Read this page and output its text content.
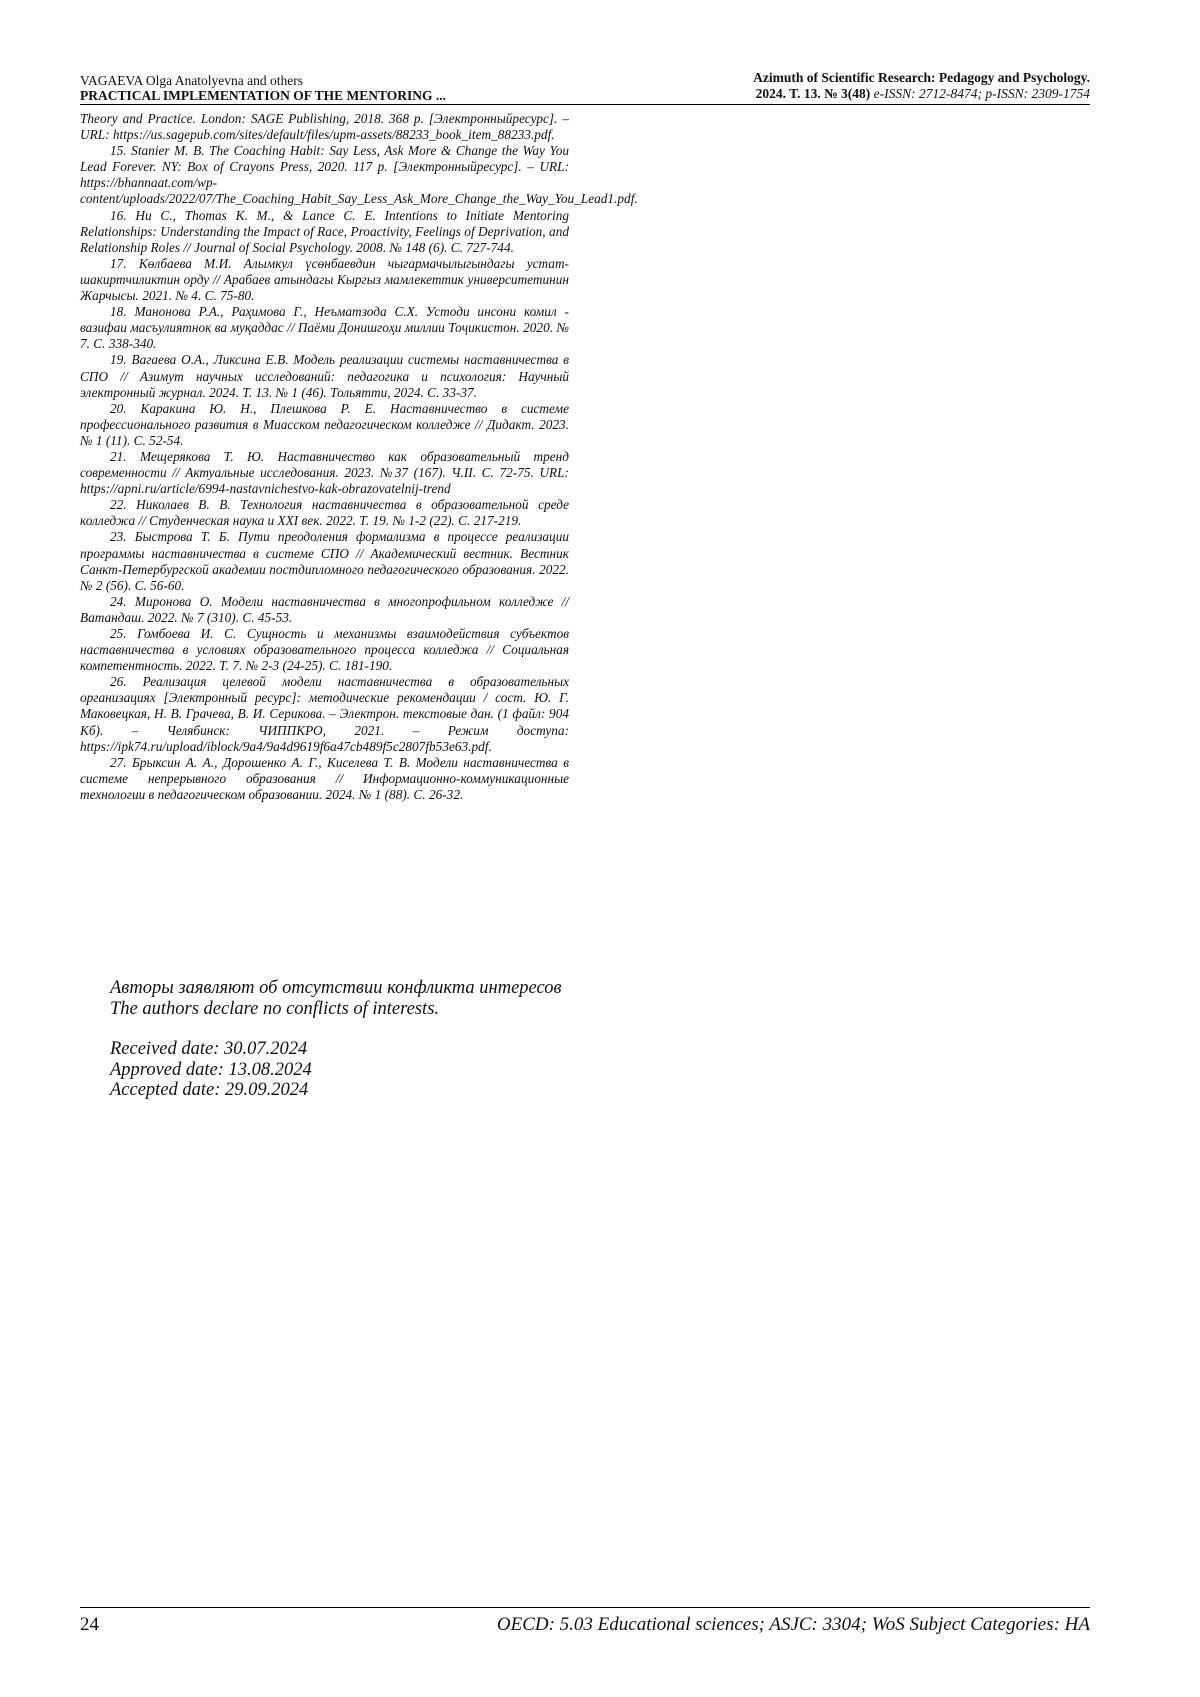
VAGAEVA Olga Anatolyevna and others
PRACTICAL IMPLEMENTATION OF THE MENTORING ...
Azimuth of Scientific Research: Pedagogy and Psychology.
2024. T. 13. № 3(48) e-ISSN: 2712-8474; p-ISSN: 2309-1754

Theory and Practice. London: SAGE Publishing, 2018. 368 p. [Электронныйресурс]. – URL: https://us.sagepub.com/sites/default/files/upm-assets/88233_book_item_88233.pdf.

15. Stanier M. B. The Coaching Habit: Say Less, Ask More & Change the Way You Lead Forever. NY: Box of Crayons Press, 2020. 117 p. [Электронныйресурс]. – URL: https://bhannaat.com/wp-content/uploads/2022/07/The_Coaching_Habit_Say_Less_Ask_More_Change_the_Way_You_Lead1.pdf.

16. Hu C., Thomas K. M., & Lance C. E. Intentions to Initiate Mentoring Relationships: Understanding the Impact of Race, Proactivity, Feelings of Deprivation, and Relationship Roles // Journal of Social Psychology. 2008. № 148 (6). С. 727-744.

17. Көлбаева М.И. Алымкул үсөнбаевдин чыгармачылыгындагы устат-шакиртчиликтин орду // Арабаев атындагы Кыргыз мамлекеттик университетинин Жарчысы. 2021. № 4. С. 75-80.

18. Манонова Р.А., Раҳимова Г., Неъматзода С.Х. Устоди инсони комил - вазифаи масъулиятнок ва муқаддас // Паёми Донишгоҳи миллии Тоҷикистон. 2020. № 7. С. 338-340.

19. Вагаева О.А., Ликсина Е.В. Модель реализации системы наставничества в СПО // Азимут научных исследований: педагогика и психология: Научный электронный журнал. 2024. Т. 13. № 1 (46). Тольятти, 2024. С. 33-37.

20. Каракина Ю. Н., Плешкова Р. Е. Наставничество в системе профессионального развития в Миасском педагогическом колледже // Дидакт. 2023. № 1 (11). С. 52-54.

21. Мещерякова Т. Ю. Наставничество как образовательный тренд современности // Актуальные исследования. 2023. №37 (167). Ч.II. С. 72-75. URL: https://apni.ru/article/6994-nastavnichestvo-kak-obrazovatelnij-trend

22. Николаев В. В. Технология наставничества в образовательной среде колледжа // Студенческая наука и XXI век. 2022. Т. 19. № 1-2 (22). С. 217-219.

23. Быстрова Т. Б. Пути преодоления формализма в процессе реализации программы наставничества в системе СПО // Академический вестник. Вестник Санкт-Петербургской академии постдипломного педагогического образования. 2022. № 2 (56). С. 56-60.

24. Миронова О. Модели наставничества в многопрофильном колледже // Ватандаш. 2022. № 7 (310). С. 45-53.

25. Гомбоева И. С. Сущность и механизмы взаимодействия субъектов наставничества в условиях образовательного процесса колледжа // Социальная компетентность. 2022. Т. 7. № 2-3 (24-25). С. 181-190.

26. Реализация целевой модели наставничества в образовательных организациях [Электронный ресурс]: методические рекомендации / сост. Ю. Г. Маковецкая, Н. В. Грачева, В. И. Серикова. – Электрон. текстовые дан. (1 файл: 904 Кб). – Челябинск: ЧИППКРО, 2021. – Режим доступа: https://ipk74.ru/upload/iblock/9a4/9a4d9619f6a47cb489f5c2807fb53e63.pdf.

27. Брыксин А. А., Дорошенко А. Г., Киселева Т. В. Модели наставничества в системе непрерывного образования // Информационно-коммуникационные технологии в педагогическом образовании. 2024. № 1 (88). С. 26-32.

Авторы заявляют об отсутствии конфликта интересов

The authors declare no conflicts of interests.

Received date: 30.07.2024

Approved date: 13.08.2024

Accepted date: 29.09.2024

24	OECD: 5.03 Educational sciences; ASJC: 3304; WoS Subject Categories: HA
